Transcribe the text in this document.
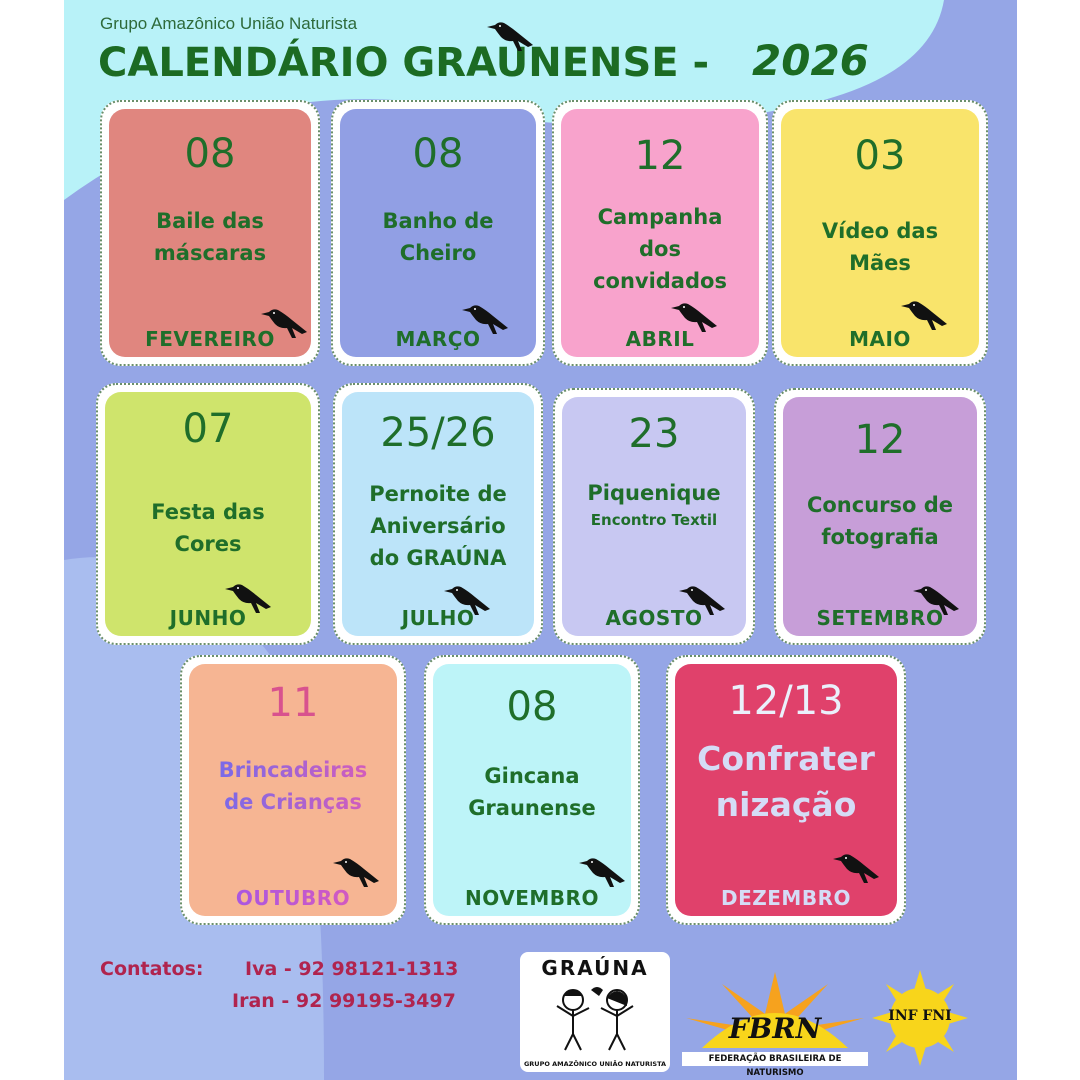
Grupo Amazônico União Naturista
CALENDÁRIO GRAUNENSE - 2026
08
Baile das
máscaras
FEVEREIRO
08
Banho de
Cheiro
MARÇO
12
Campanha
dos
convidados
ABRIL
03
Vídeo das
Mães
MAIO
07
Festa das
Cores
JUNHO
25/26
Pernoite de
Aniversário
do GRAÚNA
JULHO
23
Piquenique
Encontro Textil
AGOSTO
12
Concurso de
fotografia
SETEMBRO
11
Brincadeiras
de Crianças
OUTUBRO
08
Gincana
Graunense
NOVEMBRO
12/13
Confrater
nização
DEZEMBRO
Contatos: Iva - 92 98121-1313
Iran - 92 99195-3497
GRAÚNA
GRUPO AMAZÔNICO UNIÃO NATURISTA
FBRN
FEDERAÇÃO BRASILEIRA DE NATURISMO
INF FNI
